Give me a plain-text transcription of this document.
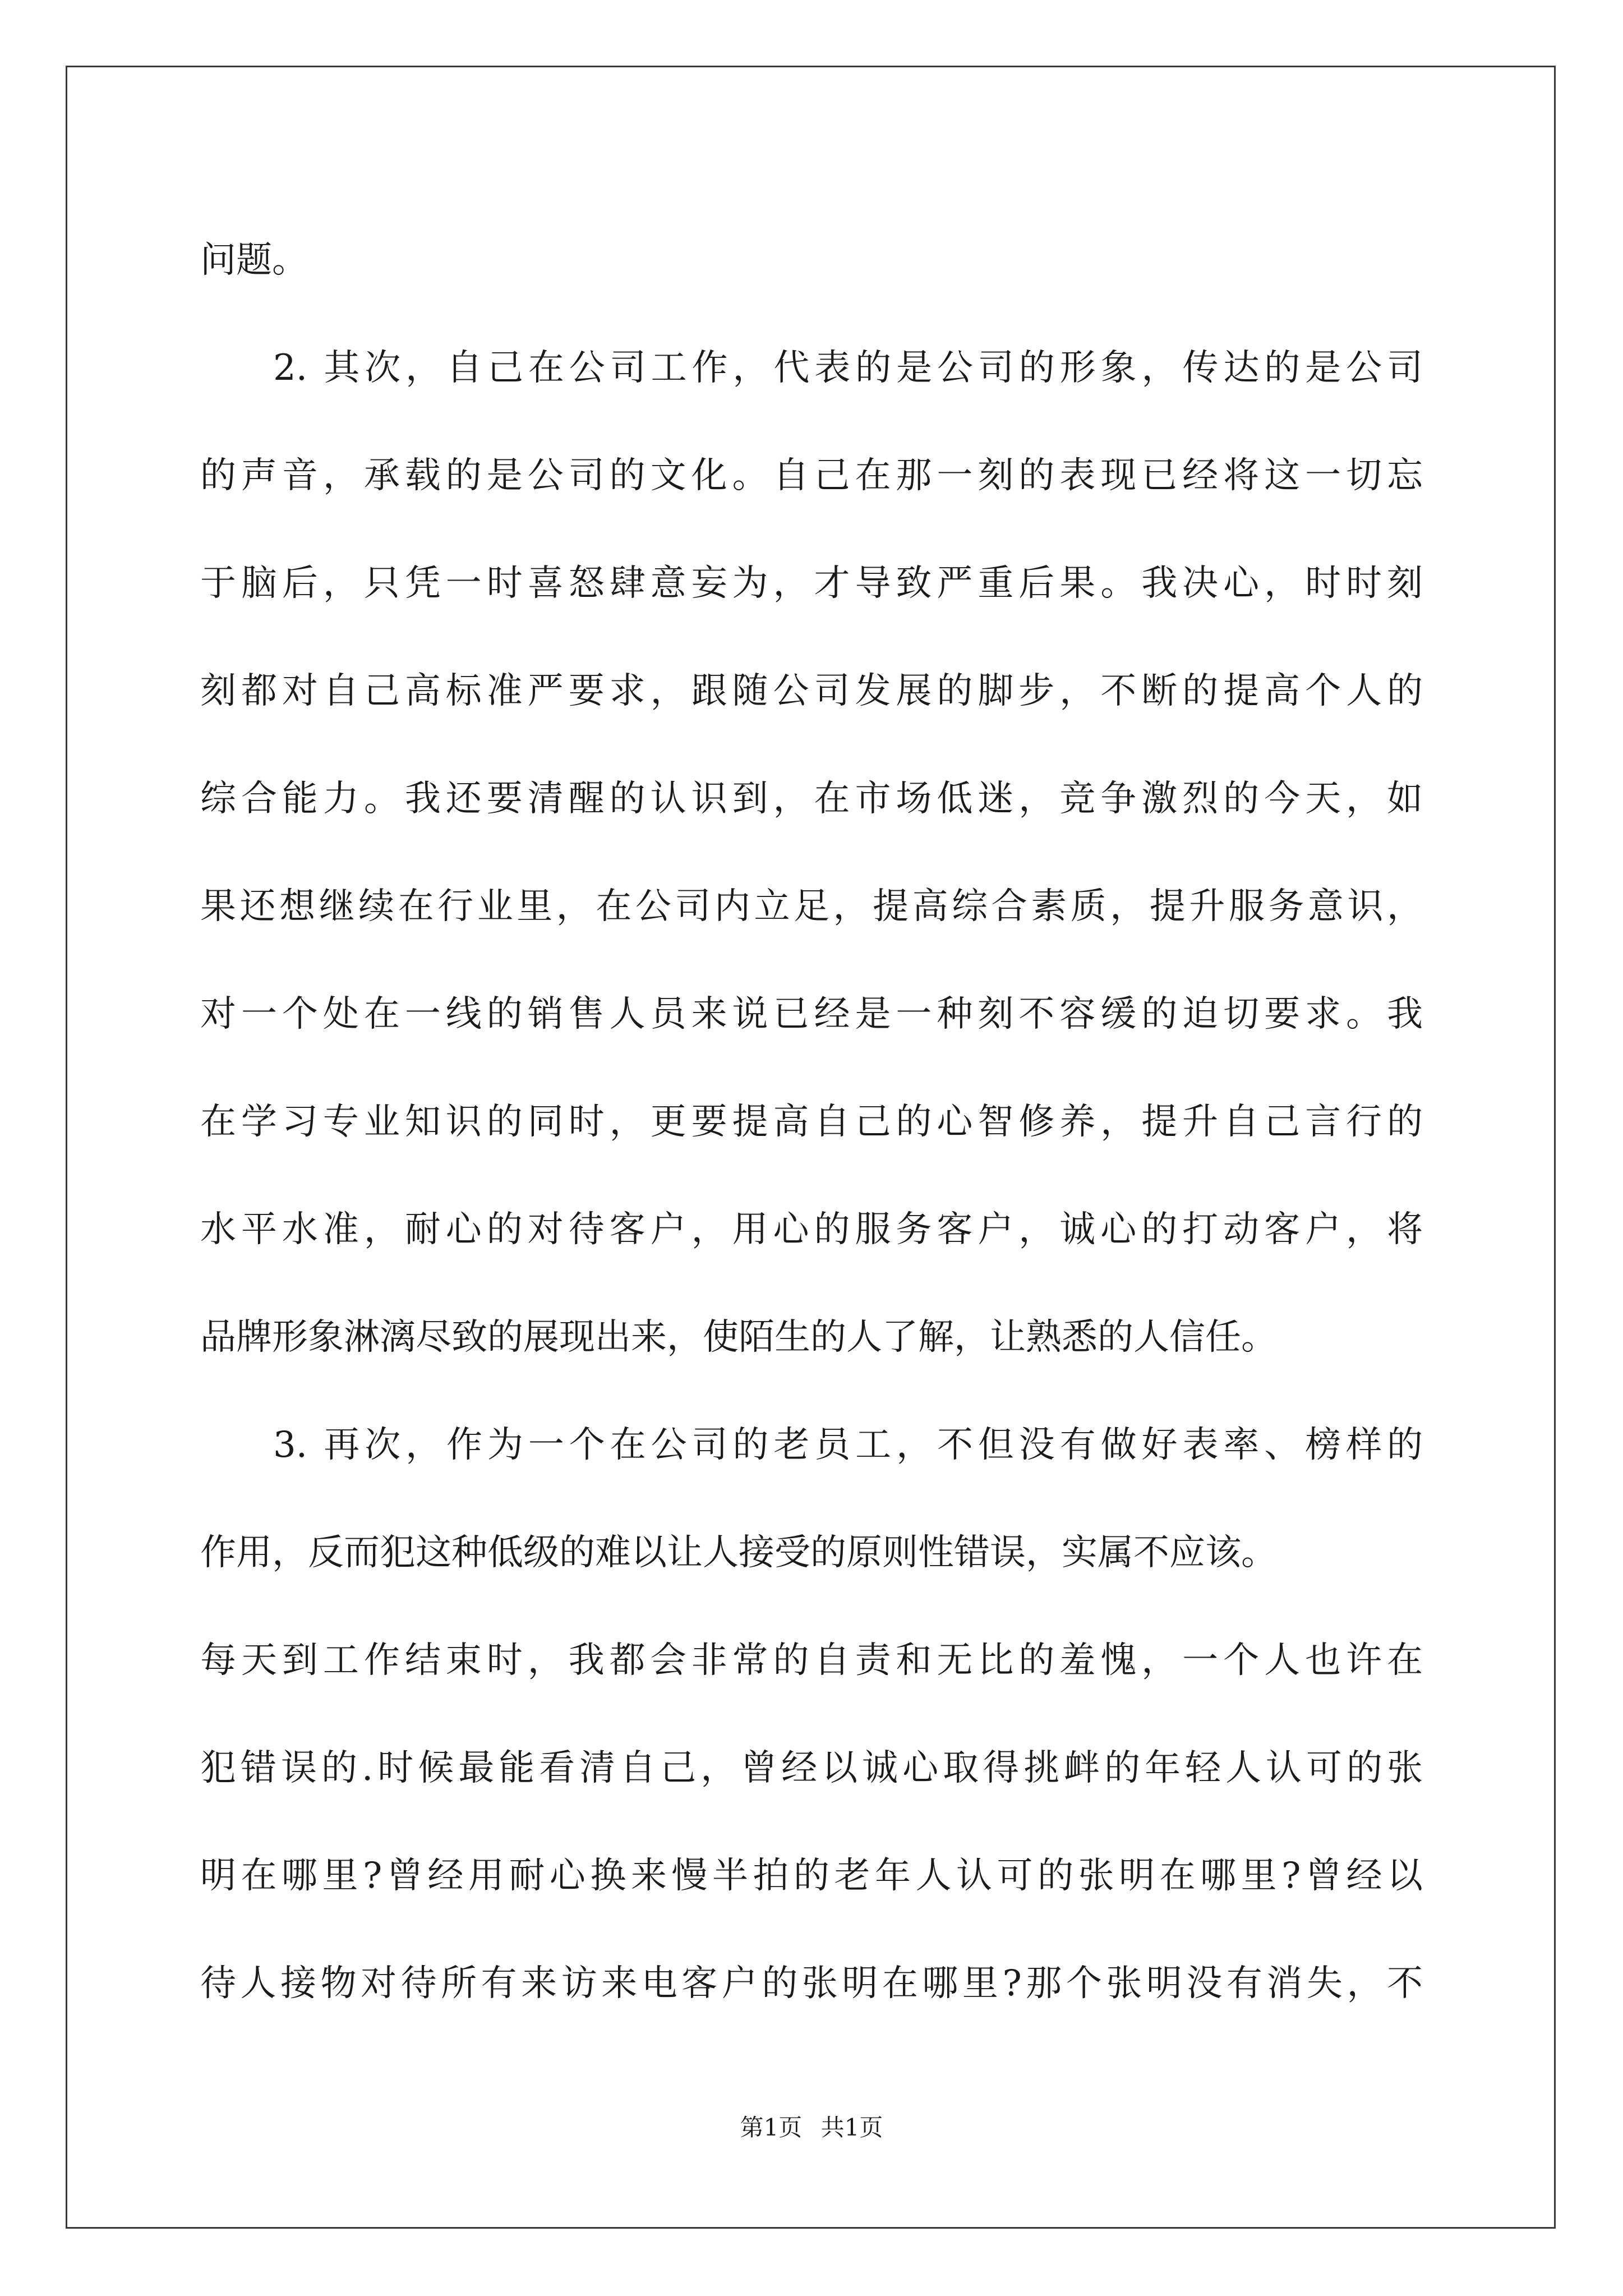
问题。
2. 其次，自己在公司工作，代表的是公司的形象，传达的是公司
的声音，承载的是公司的文化。自己在那一刻的表现已经将这一切忘
于脑后，只凭一时喜怒肆意妄为，才导致严重后果。我决心，时时刻
刻都对自己高标准严要求，跟随公司发展的脚步，不断的提高个人的
综合能力。我还要清醒的认识到，在市场低迷，竞争激烈的今天，如
果还想继续在行业里，在公司内立足，提高综合素质，提升服务意识，
对一个处在一线的销售人员来说已经是一种刻不容缓的迫切要求。我
在学习专业知识的同时，更要提高自己的心智修养，提升自己言行的
水平水准，耐心的对待客户，用心的服务客户，诚心的打动客户，将
品牌形象淋漓尽致的展现出来，使陌生的人了解，让熟悉的人信任。
3. 再次，作为一个在公司的老员工，不但没有做好表率、榜样的
作用，反而犯这种低级的难以让人接受的原则性错误，实属不应该。
每天到工作结束时，我都会非常的自责和无比的羞愧，一个人也许在
犯错误的.时候最能看清自己，曾经以诚心取得挑衅的年轻人认可的张
明在哪里?曾经用耐心换来慢半拍的老年人认可的张明在哪里?曾经以
待人接物对待所有来访来电客户的张明在哪里?那个张明没有消失，不
第1页 共1页
